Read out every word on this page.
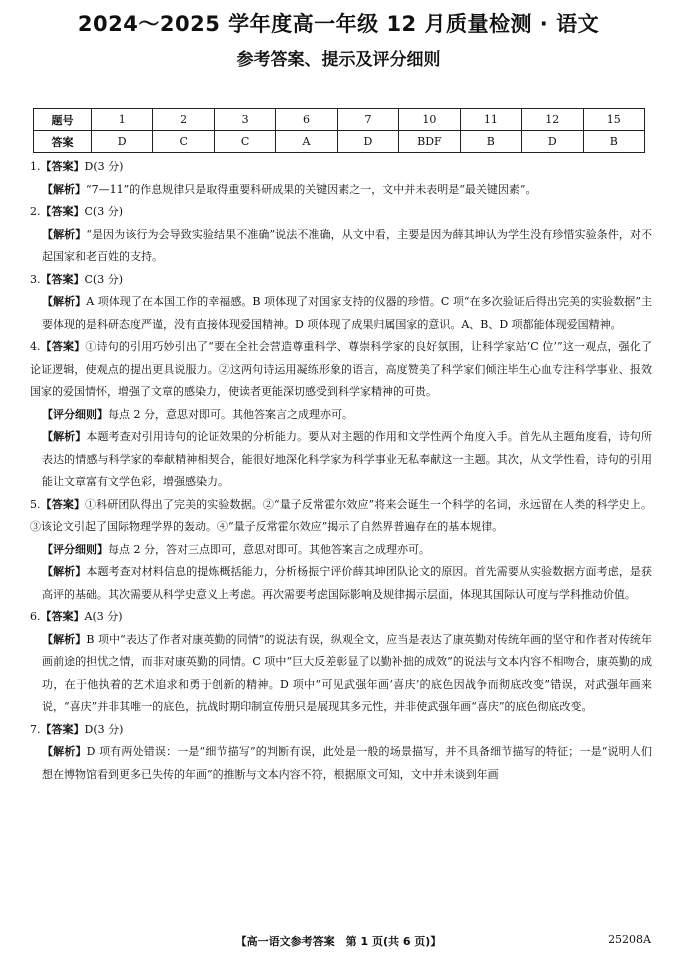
2024～2025 学年度高一年级 12 月质量检测 · 语文
参考答案、提示及评分细则
题号	1	2	3	6	7	10	11	12	15
答案	D	C	C	A	D	BDF	B	D	B

1.【答案】D(3 分)

【解析】“7—11”的作息规律只是取得重要科研成果的关键因素之一，文中并未表明是“最关键因素”。

2.【答案】C(3 分)

【解析】“是因为该行为会导致实验结果不准确”说法不准确，从文中看，主要是因为薛其坤认为学生没有珍惜实验条件，对不起国家和老百姓的支持。

3.【答案】C(3 分)

【解析】A 项体现了在本国工作的幸福感。B 项体现了对国家支持的仪器的珍惜。C 项“在多次验证后得出完美的实验数据”主要体现的是科研态度严谨，没有直接体现爱国精神。D 项体现了成果归属国家的意识。A、B、D 项都能体现爱国精神。

4.【答案】①诗句的引用巧妙引出了“要在全社会营造尊重科学、尊崇科学家的良好氛围，让科学家站‘C 位’”这一观点，强化了论证逻辑，使观点的提出更具说服力。②这两句诗运用凝练形象的语言，高度赞美了科学家们倾注毕生心血专注科学事业、报效国家的爱国情怀，增强了文章的感染力，使读者更能深切感受到科学家精神的可贵。

【评分细则】每点 2 分，意思对即可。其他答案言之成理亦可。

【解析】本题考查对引用诗句的论证效果的分析能力。要从对主题的作用和文学性两个角度入手。首先从主题角度看，诗句所表达的情感与科学家的奉献精神相契合，能很好地深化科学家为科学事业无私奉献这一主题。其次，从文学性看，诗句的引用能让文章富有文学色彩，增强感染力。

5.【答案】①科研团队得出了完美的实验数据。②“量子反常霍尔效应”将来会诞生一个科学的名词，永远留在人类的科学史上。③该论文引起了国际物理学界的轰动。④“量子反常霍尔效应”揭示了自然界普遍存在的基本规律。

【评分细则】每点 2 分，答对三点即可，意思对即可。其他答案言之成理亦可。

【解析】本题考查对材料信息的提炼概括能力，分析杨振宁评价薛其坤团队论文的原因。首先需要从实验数据方面考虑，是获高评的基础。其次需要从科学史意义上考虑。再次需要考虑国际影响及规律揭示层面，体现其国际认可度与学科推动价值。

6.【答案】A(3 分)

【解析】B 项中“表达了作者对康英勤的同情”的说法有误，纵观全文，应当是表达了康英勤对传统年画的坚守和作者对传统年画前途的担忧之情，而非对康英勤的同情。C 项中“巨大反差彰显了以勤补拙的成效”的说法与文本内容不相吻合，康英勤的成功，在于他执着的艺术追求和勇于创新的精神。D 项中“可见武强年画‘喜庆’的底色因战争而彻底改变”错误，对武强年画来说，“喜庆”并非其唯一的底色，抗战时期印制宣传册只是展现其多元性，并非使武强年画“喜庆”的底色彻底改变。

7.【答案】D(3 分)

【解析】D 项有两处错误：一是“细节描写”的判断有误，此处是一般的场景描写，并不具备细节描写的特征；一是“说明人们想在博物馆看到更多已失传的年画”的推断与文本内容不符，根据原文可知，文中并未谈到年画

【高一语文参考答案　第 1 页(共 6 页)】	25208A
